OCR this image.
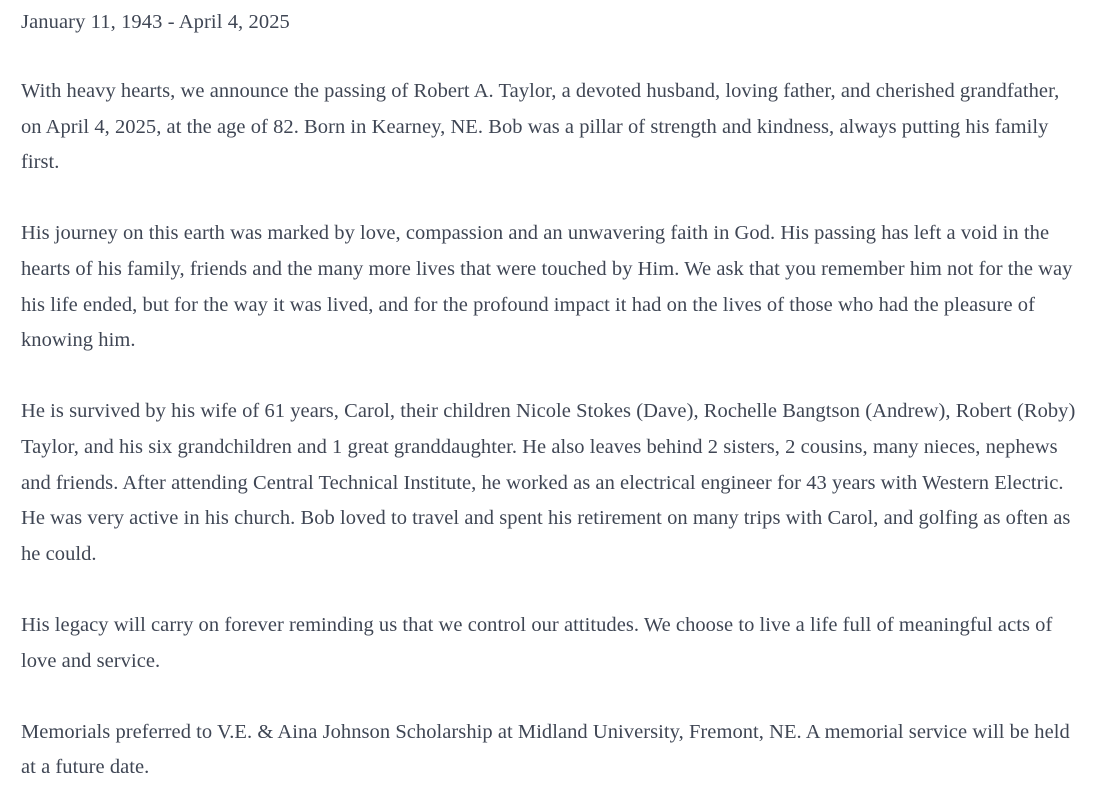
January 11, 1943 - April 4, 2025

With heavy hearts, we announce the passing of Robert A. Taylor, a devoted husband, loving father, and cherished grandfather, on April 4, 2025, at the age of 82. Born in Kearney, NE. Bob was a pillar of strength and kindness, always putting his family first.

His journey on this earth was marked by love, compassion and an unwavering faith in God. His passing has left a void in the hearts of his family, friends and the many more lives that were touched by Him. We ask that you remember him not for the way his life ended, but for the way it was lived, and for the profound impact it had on the lives of those who had the pleasure of knowing him.

He is survived by his wife of 61 years, Carol, their children Nicole Stokes (Dave), Rochelle Bangtson (Andrew), Robert (Roby) Taylor, and his six grandchildren and 1 great granddaughter. He also leaves behind 2 sisters, 2 cousins, many nieces, nephews and friends. After attending Central Technical Institute, he worked as an electrical engineer for 43 years with Western Electric. He was very active in his church. Bob loved to travel and spent his retirement on many trips with Carol, and golfing as often as he could.

His legacy will carry on forever reminding us that we control our attitudes. We choose to live a life full of meaningful acts of love and service.

Memorials preferred to V.E. & Aina Johnson Scholarship at Midland University, Fremont, NE. A memorial service will be held at a future date.
